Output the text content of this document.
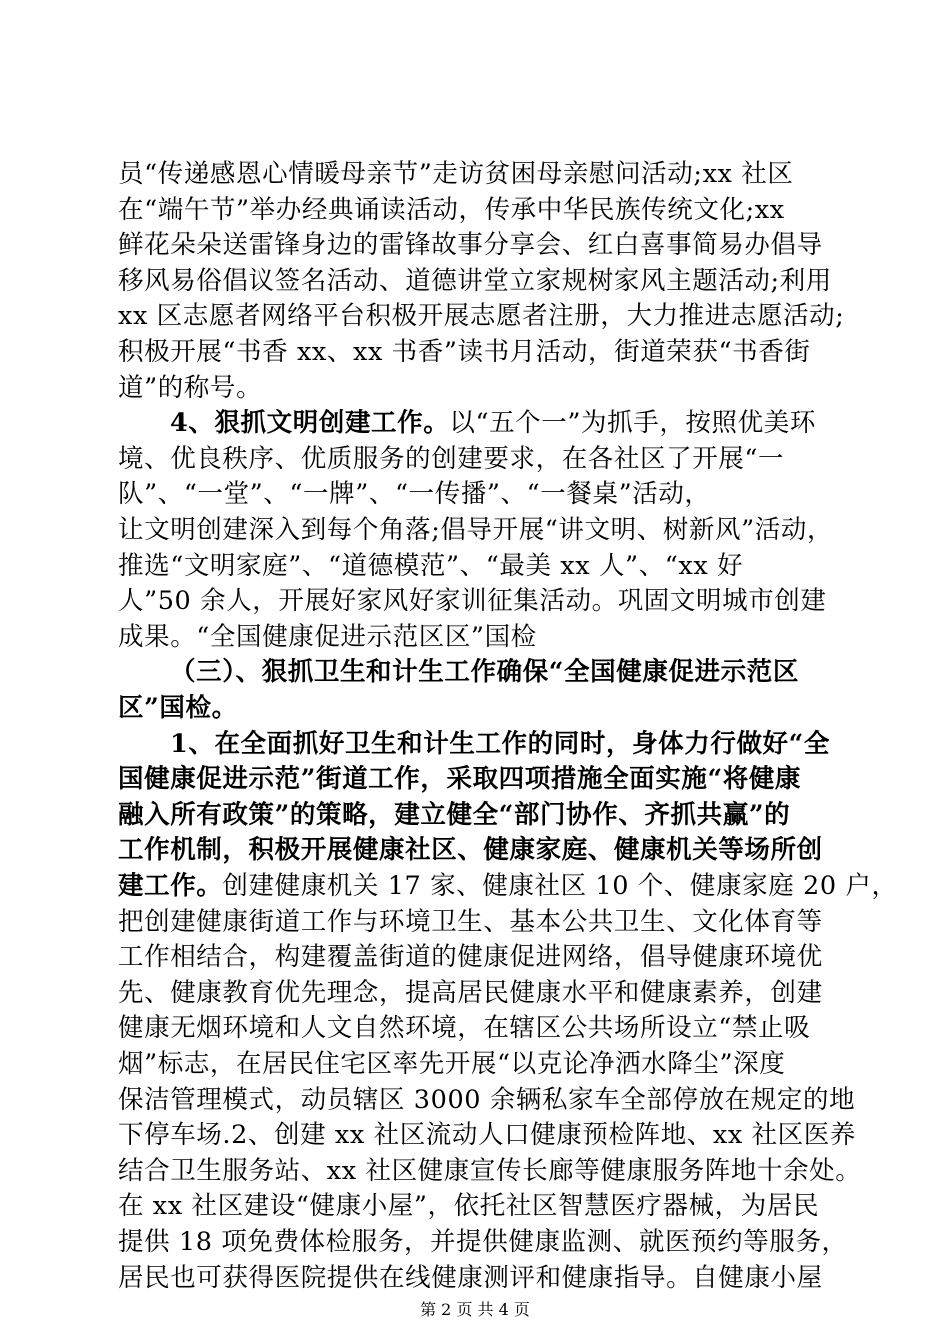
员“传递感恩心情暖母亲节”走访贫困母亲慰问活动;xx 社区
在“端午节”举办经典诵读活动，传承中华民族传统文化;xx
鲜花朵朵送雷锋身边的雷锋故事分享会、红白喜事简易办倡导
移风易俗倡议签名活动、道德讲堂立家规树家风主题活动;利用
xx 区志愿者网络平台积极开展志愿者注册，大力推进志愿活动;
积极开展“书香 xx、xx 书香”读书月活动，街道荣获“书香街
道”的称号。
4、狠抓文明创建工作。以“五个一”为抓手，按照优美环
境、优良秩序、优质服务的创建要求，在各社区了开展“一
队”、“一堂”、“一牌”、“一传播”、“一餐桌”活动，
让文明创建深入到每个角落;倡导开展“讲文明、树新风”活动，
推选“文明家庭”、“道德模范”、“最美 xx 人”、“xx 好
人”50 余人，开展好家风好家训征集活动。巩固文明城市创建
成果。“全国健康促进示范区区”国检
（三）、狠抓卫生和计生工作确保“全国健康促进示范区
区”国检。
1、在全面抓好卫生和计生工作的同时，身体力行做好“全
国健康促进示范”街道工作，采取四项措施全面实施“将健康
融入所有政策”的策略，建立健全“部门协作、齐抓共赢”的
工作机制，积极开展健康社区、健康家庭、健康机关等场所创
建工作。创建健康机关 17 家、健康社区 10 个、健康家庭 20 户，
把创建健康街道工作与环境卫生、基本公共卫生、文化体育等
工作相结合，构建覆盖街道的健康促进网络，倡导健康环境优
先、健康教育优先理念，提高居民健康水平和健康素养，创建
健康无烟环境和人文自然环境，在辖区公共场所设立“禁止吸
烟”标志，在居民住宅区率先开展“以克论净洒水降尘”深度
保洁管理模式，动员辖区 3000 余辆私家车全部停放在规定的地
下停车场.2、创建 xx 社区流动人口健康预检阵地、xx 社区医养
结合卫生服务站、xx 社区健康宣传长廊等健康服务阵地十余处。
在 xx 社区建设“健康小屋”，依托社区智慧医疗器械，为居民
提供 18 项免费体检服务，并提供健康监测、就医预约等服务，
居民也可获得医院提供在线健康测评和健康指导。自健康小屋
第 2 页 共 4 页
